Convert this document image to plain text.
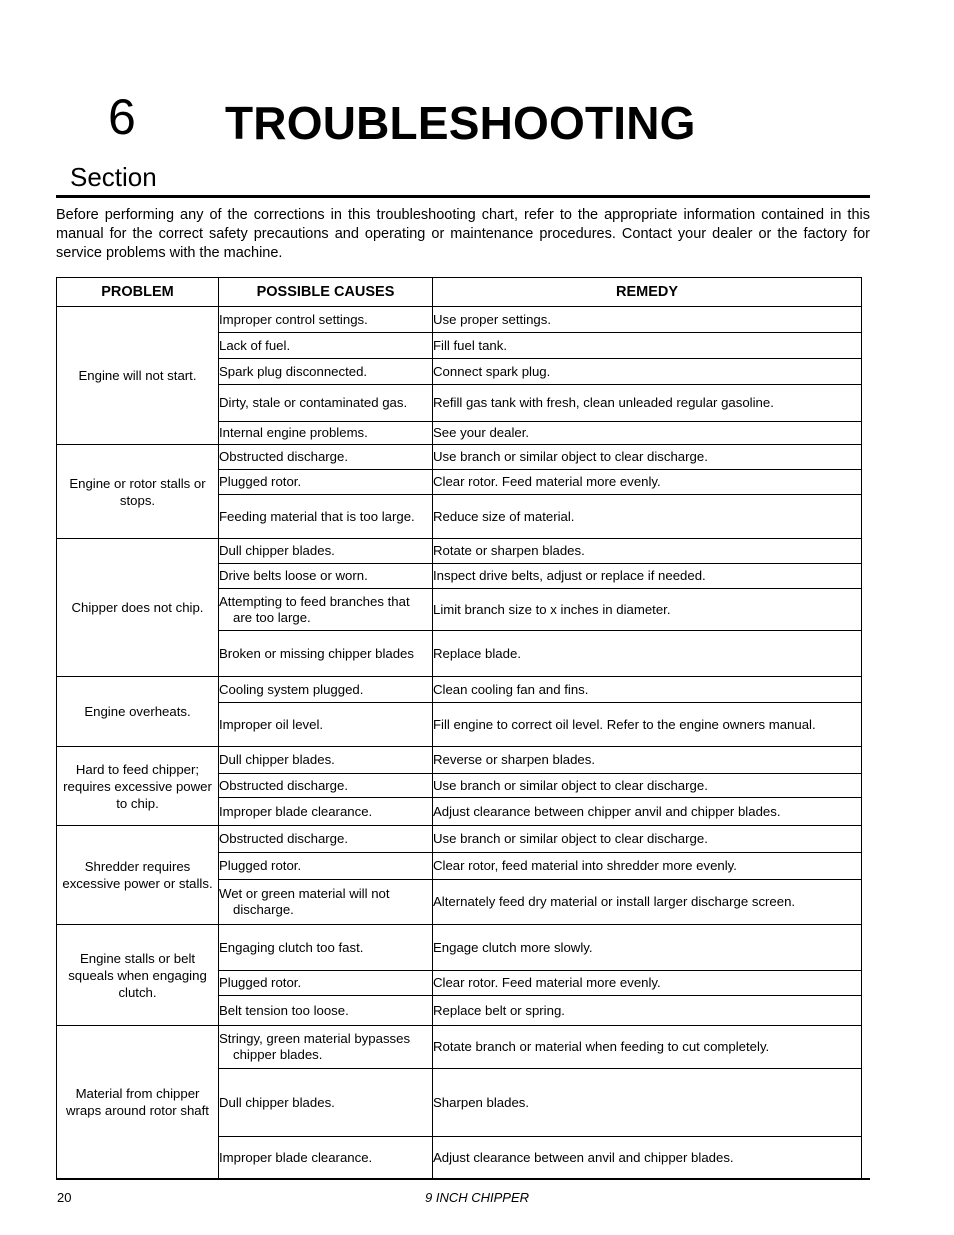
6 TROUBLESHOOTING
Section
Before performing any of the corrections in this troubleshooting chart, refer to the appropriate information contained in this manual for the correct safety precautions and operating or maintenance procedures. Contact your dealer or the factory for service problems with the machine.
PROBLEM	POSSIBLE CAUSES	REMEDY
Engine will not start.	Improper control settings.	Use proper settings.
	Lack of fuel.	Fill fuel tank.
	Spark plug disconnected.	Connect spark plug.
	Dirty, stale or contaminated gas.	Refill gas tank with fresh, clean unleaded regular gasoline.
	Internal engine problems.	See your dealer.
Engine or rotor stalls or stops.	Obstructed discharge.	Use branch or similar object to clear discharge.
	Plugged rotor.	Clear rotor. Feed material more evenly.
	Feeding material that is too large.	Reduce size of material.
Chipper does not chip.	Dull chipper blades.	Rotate or sharpen blades.
	Drive belts loose or worn.	Inspect drive belts, adjust or replace if needed.

	Attempting to feed branches that are too large.	Limit branch size to x inches in diameter.
	Broken or missing chipper blades	Replace blade.
Engine overheats.	Cooling system plugged.	Clean cooling fan and fins.
	Improper oil level.	Fill engine to correct oil level. Refer to the engine owners manual.
Hard to feed chipper; requires excessive power to chip.	Dull chipper blades.	Reverse or sharpen blades.
	Obstructed discharge.	Use branch or similar object to clear discharge.
	Improper blade clearance.	Adjust clearance between chipper anvil and chipper blades.
Shredder requires excessive power or stalls.	Obstructed discharge.	Use branch or similar object to clear discharge.
	Plugged rotor.	Clear rotor, feed material into shredder more evenly.

	Wet or green material will not discharge.	Alternately feed dry material or install larger discharge screen.
Engine stalls or belt squeals when engaging clutch.	Engaging clutch too fast.	Engage clutch more slowly.
	Plugged rotor.	Clear rotor. Feed material more evenly.
	Belt tension too loose.	Replace belt or spring.
Material from chipper wraps around rotor shaft	Stringy, green material bypasses chipper blades.	Rotate branch or material when feeding to cut completely.
	Dull chipper blades.	Sharpen blades.
	Improper blade clearance.	Adjust clearance between anvil and chipper blades.
20	9 INCH CHIPPER
